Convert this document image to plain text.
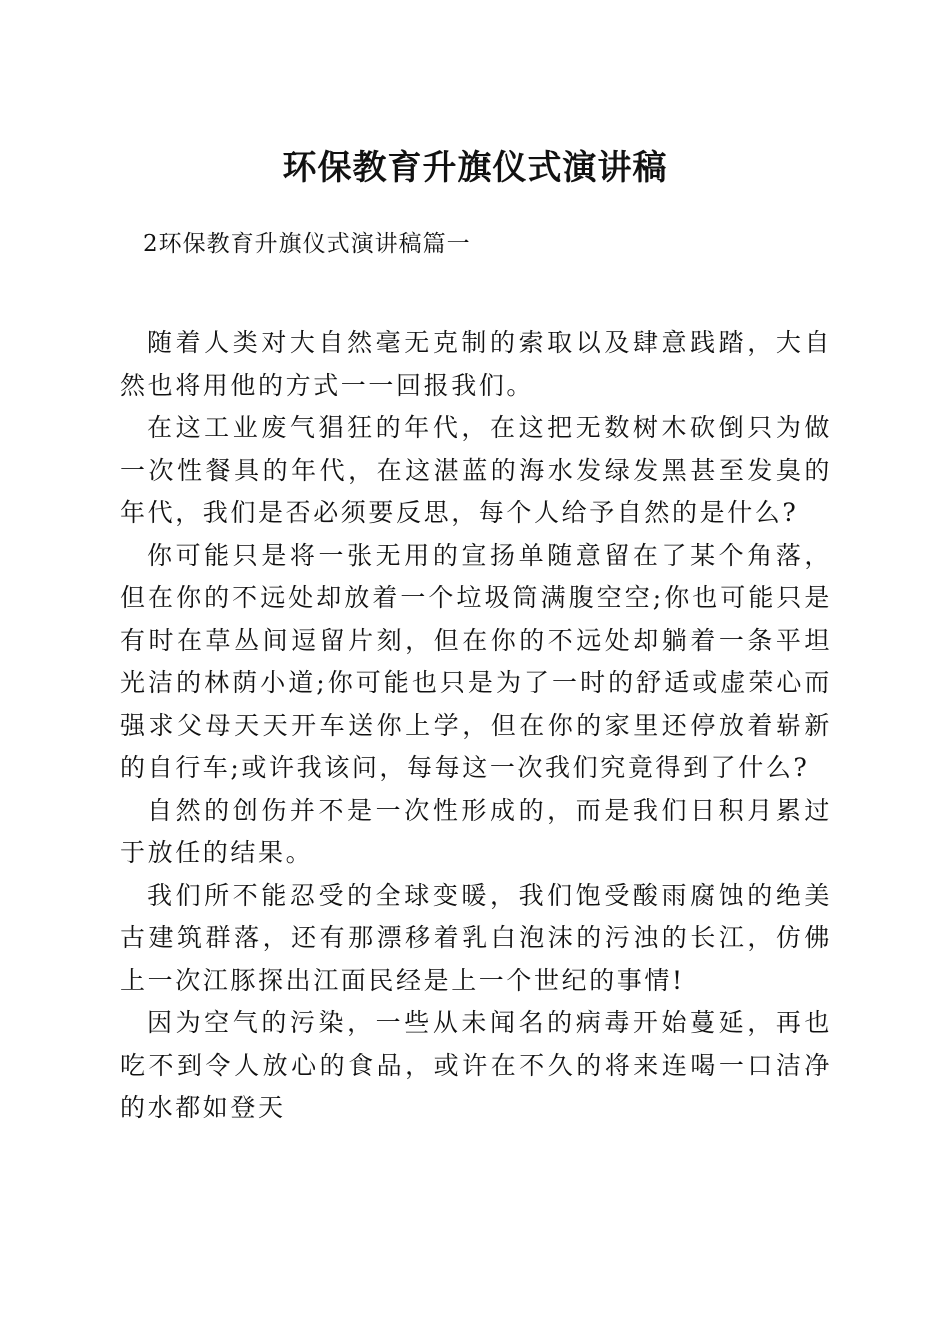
环保教育升旗仪式演讲稿
2环保教育升旗仪式演讲稿篇一

随着人类对大自然毫无克制的索取以及肆意践踏，大自然也将用他的方式一一回报我们。

在这工业废气猖狂的年代，在这把无数树木砍倒只为做一次性餐具的年代，在这湛蓝的海水发绿发黑甚至发臭的年代，我们是否必须要反思，每个人给予自然的是什么?

你可能只是将一张无用的宣扬单随意留在了某个角落，但在你的不远处却放着一个垃圾筒满腹空空;你也可能只是有时在草丛间逗留片刻，但在你的不远处却躺着一条平坦光洁的林荫小道;你可能也只是为了一时的舒适或虚荣心而强求父母天天开车送你上学，但在你的家里还停放着崭新的自行车;或许我该问，每每这一次我们究竟得到了什么?

自然的创伤并不是一次性形成的，而是我们日积月累过于放任的结果。

我们所不能忍受的全球变暖，我们饱受酸雨腐蚀的绝美古建筑群落，还有那漂移着乳白泡沫的污浊的长江，仿佛上一次江豚探出江面民经是上一个世纪的事情!

因为空气的污染，一些从未闻名的病毒开始蔓延，再也吃不到令人放心的食品，或许在不久的将来连喝一口洁净的水都如登天
